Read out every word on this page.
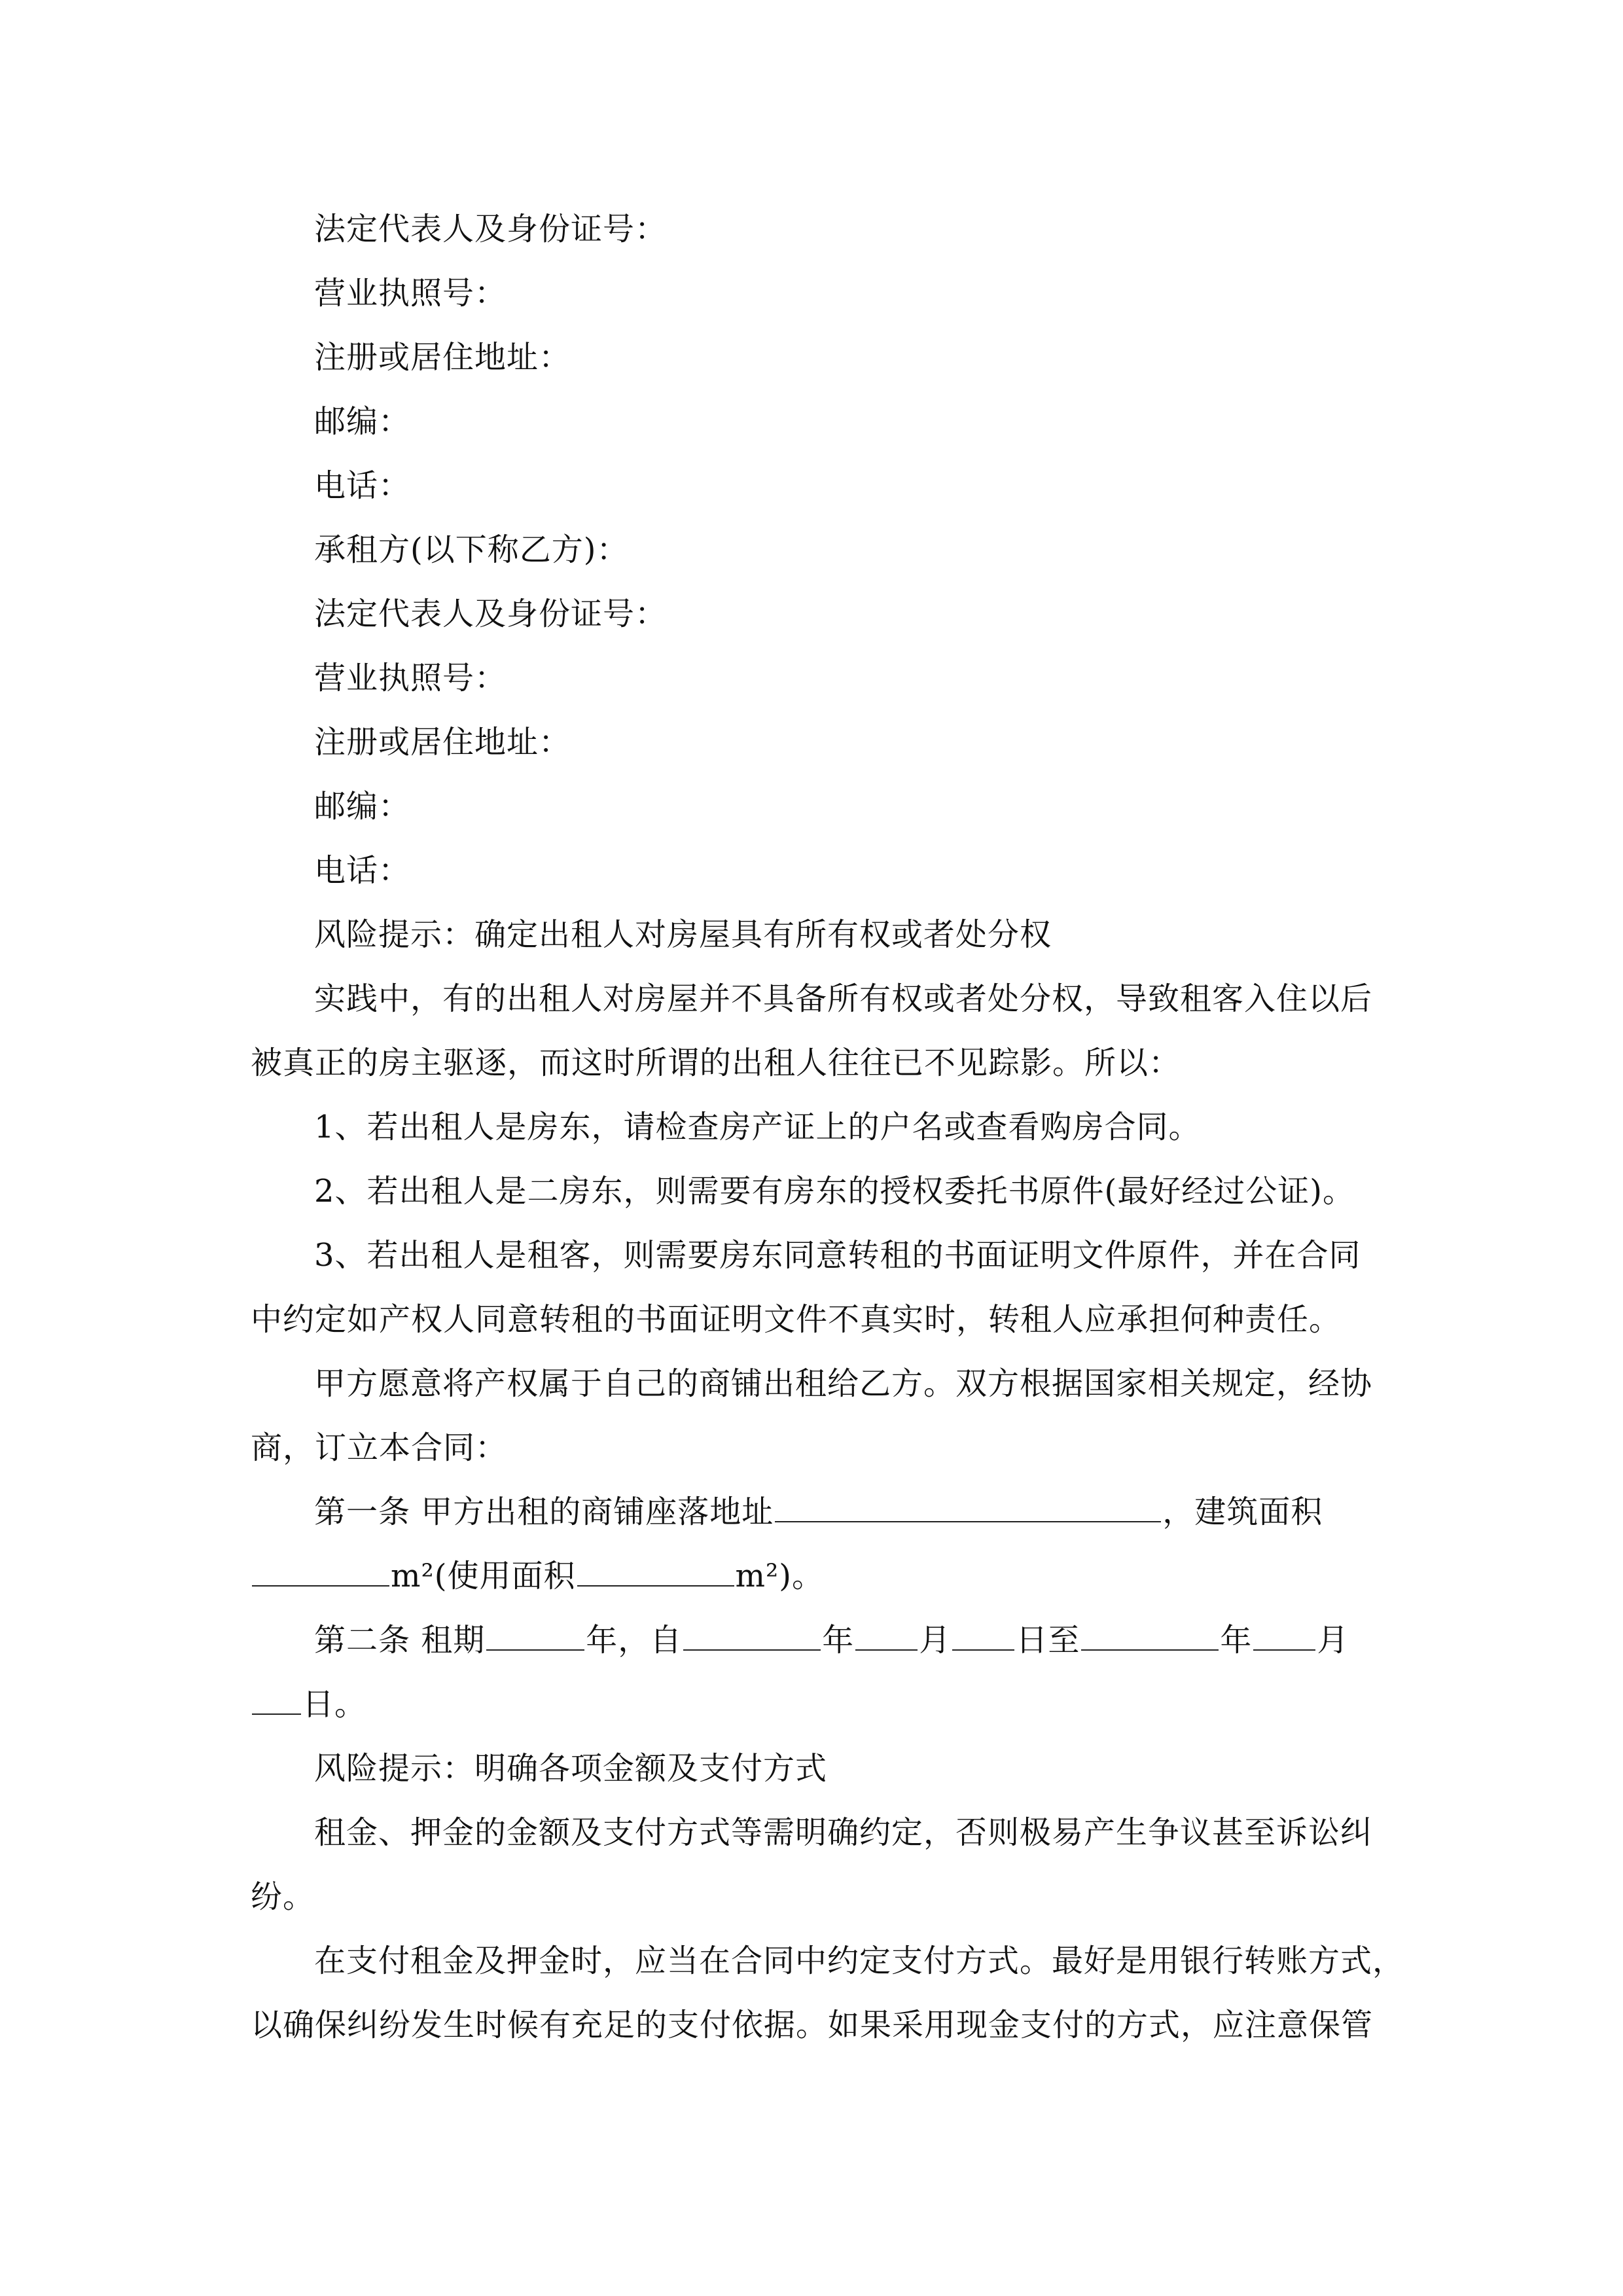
法定代表人及身份证号：
营业执照号：
注册或居住地址：
邮编：
电话：
承租方(以下称乙方)：
法定代表人及身份证号：
营业执照号：
注册或居住地址：
邮编：
电话：
风险提示：确定出租人对房屋具有所有权或者处分权
实践中，有的出租人对房屋并不具备所有权或者处分权，导致租客入住以后
被真正的房主驱逐，而这时所谓的出租人往往已不见踪影。所以：
1、若出租人是房东，请检查房产证上的户名或查看购房合同。
2、若出租人是二房东，则需要有房东的授权委托书原件(最好经过公证)。
3、若出租人是租客，则需要房东同意转租的书面证明文件原件，并在合同
中约定如产权人同意转租的书面证明文件不真实时，转租人应承担何种责任。
甲方愿意将产权属于自己的商铺出租给乙方。双方根据国家相关规定，经协
商，订立本合同：
第一条 甲方出租的商铺座落地址	，建筑面积
m²(使用面积	m²)。
第二条 租期	年，自	年 月 日至	年 月
日。
风险提示：明确各项金额及支付方式
租金、押金的金额及支付方式等需明确约定，否则极易产生争议甚至诉讼纠
纷。
在支付租金及押金时，应当在合同中约定支付方式。最好是用银行转账方式，
以确保纠纷发生时候有充足的支付依据。如果采用现金支付的方式，应注意保管
